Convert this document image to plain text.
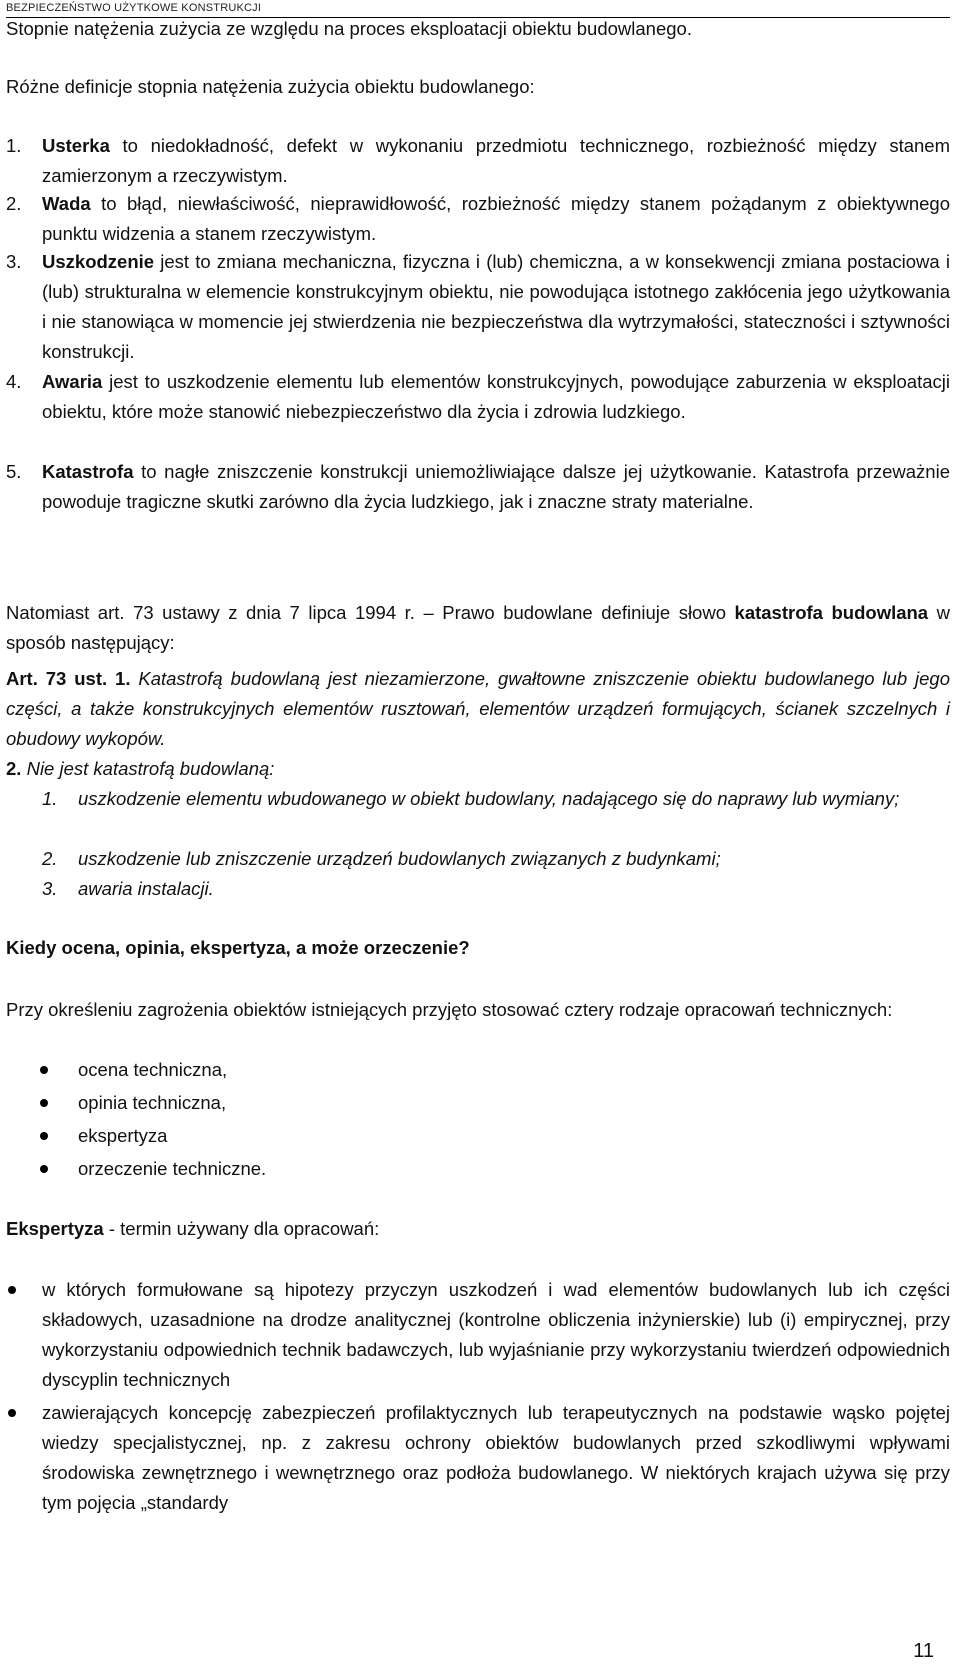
BEZPIECZEŃSTWO UŻYTKOWE KONSTRUKCJI
Stopnie natężenia zużycia ze względu na proces eksploatacji obiektu budowlanego.
Różne definicje stopnia natężenia zużycia obiektu budowlanego:
1. Usterka to niedokładność, defekt w wykonaniu przedmiotu technicznego, rozbieżność między stanem zamierzonym a rzeczywistym.
2. Wada to błąd, niewłaściwość, nieprawidłowość, rozbieżność między stanem pożądanym z obiektywnego punktu widzenia a stanem rzeczywistym.
3. Uszkodzenie jest to zmiana mechaniczna, fizyczna i (lub) chemiczna, a w konsekwencji zmiana postaciowa i (lub) strukturalna w elemencie konstrukcyjnym obiektu, nie powodująca istotnego zakłócenia jego użytkowania i nie stanowiąca w momencie jej stwierdzenia nie bezpieczeństwa dla wytrzymałości, stateczności i sztywności konstrukcji.
4. Awaria jest to uszkodzenie elementu lub elementów konstrukcyjnych, powodujące zaburzenia w eksploatacji obiektu, które może stanowić niebezpieczeństwo dla życia i zdrowia ludzkiego.
5. Katastrofa to nagłe zniszczenie konstrukcji uniemożliwiające dalsze jej użytkowanie. Katastrofa przeważnie powoduje tragiczne skutki zarówno dla życia ludzkiego, jak i znaczne straty materialne.
Natomiast art. 73 ustawy z dnia 7 lipca 1994 r. – Prawo budowlane definiuje słowo katastrofa budowlana w sposób następujący:
Art. 73 ust. 1. Katastrofą budowlaną jest niezamierzone, gwałtowne zniszczenie obiektu budowlanego lub jego części, a także konstrukcyjnych elementów rusztowań, elementów urządzeń formujących, ścianek szczelnych i obudowy wykopów.
2. Nie jest katastrofą budowlaną:
1. uszkodzenie elementu wbudowanego w obiekt budowlany, nadającego się do naprawy lub wymiany;
2. uszkodzenie lub zniszczenie urządzeń budowlanych związanych z budynkami;
3. awaria instalacji.
Kiedy ocena, opinia, ekspertyza, a może orzeczenie?
Przy określeniu zagrożenia obiektów istniejących przyjęto stosować cztery rodzaje opracowań technicznych:
ocena techniczna,
opinia techniczna,
ekspertyza
orzeczenie techniczne.
Ekspertyza - termin używany dla opracowań:
w których formułowane są hipotezy przyczyn uszkodzeń i wad elementów budowlanych lub ich części składowych, uzasadnione na drodze analitycznej (kontrolne obliczenia inżynierskie) lub (i) empirycznej, przy wykorzystaniu odpowiednich technik badawczych, lub wyjaśnianie przy wykorzystaniu twierdzeń odpowiednich dyscyplin technicznych
zawierających koncepcję zabezpieczeń profilaktycznych lub terapeutycznych na podstawie wąsko pojętej wiedzy specjalistycznej, np. z zakresu ochrony obiektów budowlanych przed szkodliwymi wpływami środowiska zewnętrznego i wewnętrznego oraz podłoża budowlanego. W niektórych krajach używa się przy tym pojęcia „standardy
11
